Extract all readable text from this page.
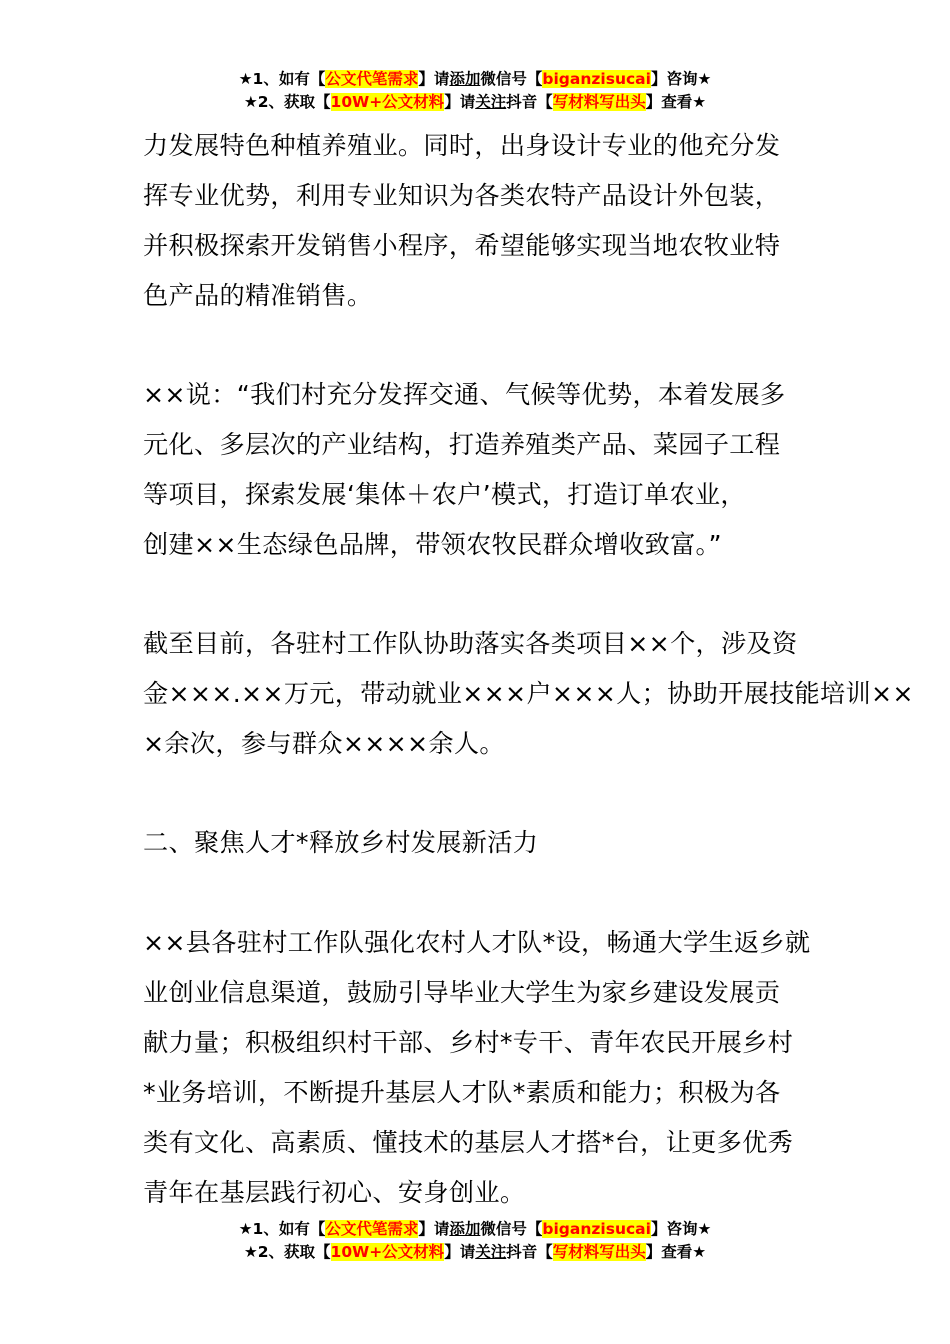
★1、如有【公文代笔需求】请添加微信号【biganzisucai】咨询★
★2、获取【10W+公文材料】请关注抖音【写材料写出头】查看★

力发展特色种植养殖业。同时，出身设计专业的他充分发
挥专业优势，利用专业知识为各类农特产品设计外包装，
并积极探索开发销售小程序，希望能够实现当地农牧业特
色产品的精准销售。

××说：“我们村充分发挥交通、气候等优势，本着发展多
元化、多层次的产业结构，打造养殖类产品、菜园子工程
等项目，探索发展‘集体＋农户’模式，打造订单农业，
创建××生态绿色品牌，带领农牧民群众增收致富。”

截至目前，各驻村工作队协助落实各类项目××个，涉及资
金×××.××万元，带动就业×××户×××人；协助开展技能培训××
×余次，参与群众××××余人。

二、聚焦人才*释放乡村发展新活力

××县各驻村工作队强化农村人才队*设，畅通大学生返乡就
业创业信息渠道，鼓励引导毕业大学生为家乡建设发展贡
献力量；积极组织村干部、乡村*专干、青年农民开展乡村
*业务培训，不断提升基层人才队*素质和能力；积极为各
类有文化、高素质、懂技术的基层人才搭*台，让更多优秀
青年在基层践行初心、安身创业。

★1、如有【公文代笔需求】请添加微信号【biganzisucai】咨询★
★2、获取【10W+公文材料】请关注抖音【写材料写出头】查看★
